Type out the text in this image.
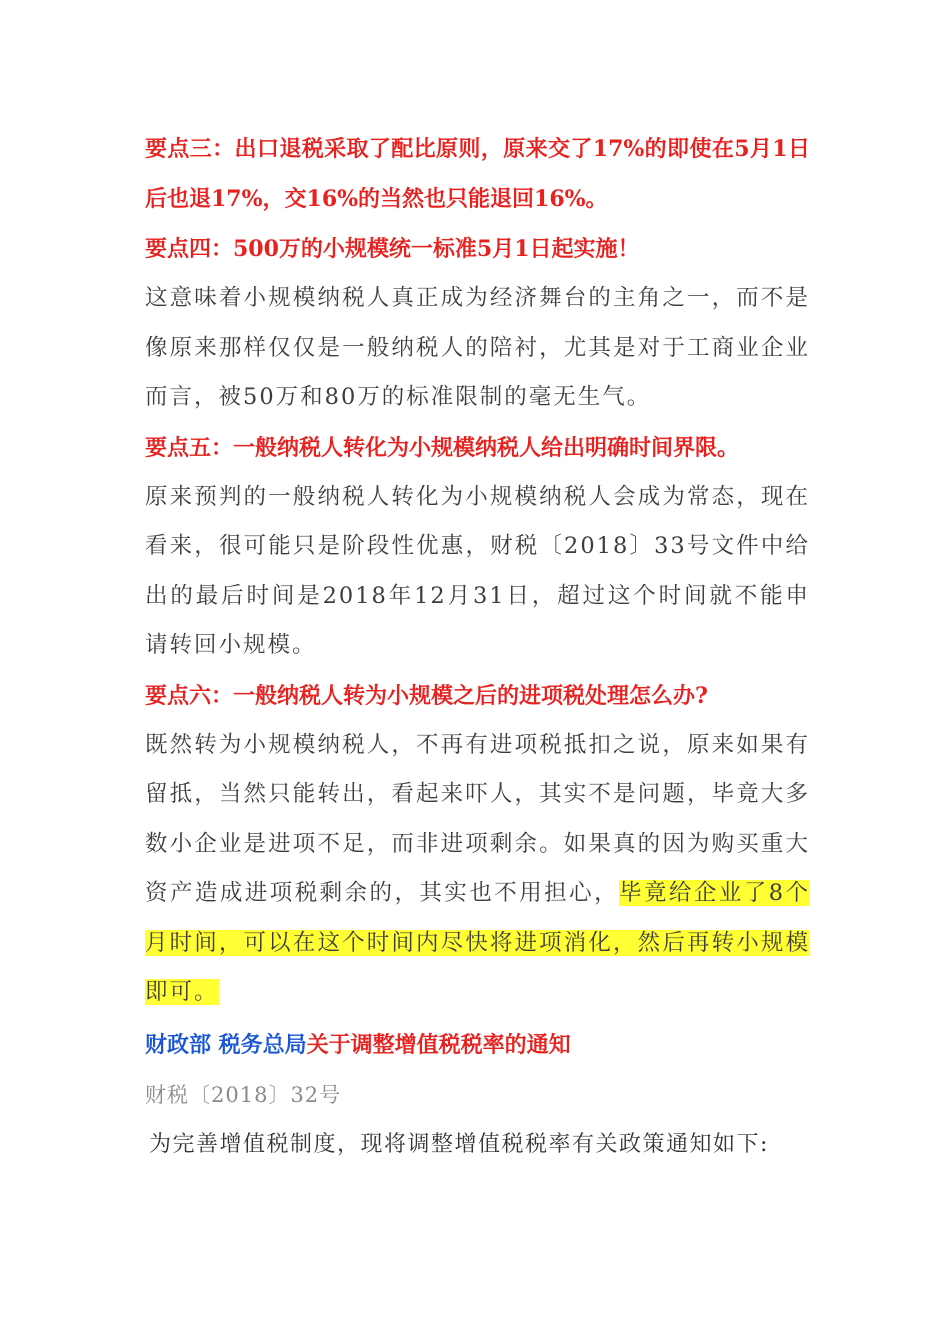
要点三：出口退税采取了配比原则，原来交了17%的即使在5月1日后也退17%，交16%的当然也只能退回16%。

要点四：500万的小规模统一标准5月1日起实施！

这意味着小规模纳税人真正成为经济舞台的主角之一，而不是像原来那样仅仅是一般纳税人的陪衬，尤其是对于工商业企业而言，被50万和80万的标准限制的毫无生气。

要点五：一般纳税人转化为小规模纳税人给出明确时间界限。

原来预判的一般纳税人转化为小规模纳税人会成为常态，现在看来，很可能只是阶段性优惠，财税〔2018〕33号文件中给出的最后时间是2018年12月31日，超过这个时间就不能申请转回小规模。

要点六：一般纳税人转为小规模之后的进项税处理怎么办?

既然转为小规模纳税人，不再有进项税抵扣之说，原来如果有留抵，当然只能转出，看起来吓人，其实不是问题，毕竟大多数小企业是进项不足，而非进项剩余。如果真的因为购买重大资产造成进项税剩余的，其实也不用担心，毕竟给企业了8个月时间，可以在这个时间内尽快将进项消化，然后再转小规模即可。

财政部 税务总局关于调整增值税税率的通知

财税〔2018〕32号

为完善增值税制度，现将调整增值税税率有关政策通知如下:
